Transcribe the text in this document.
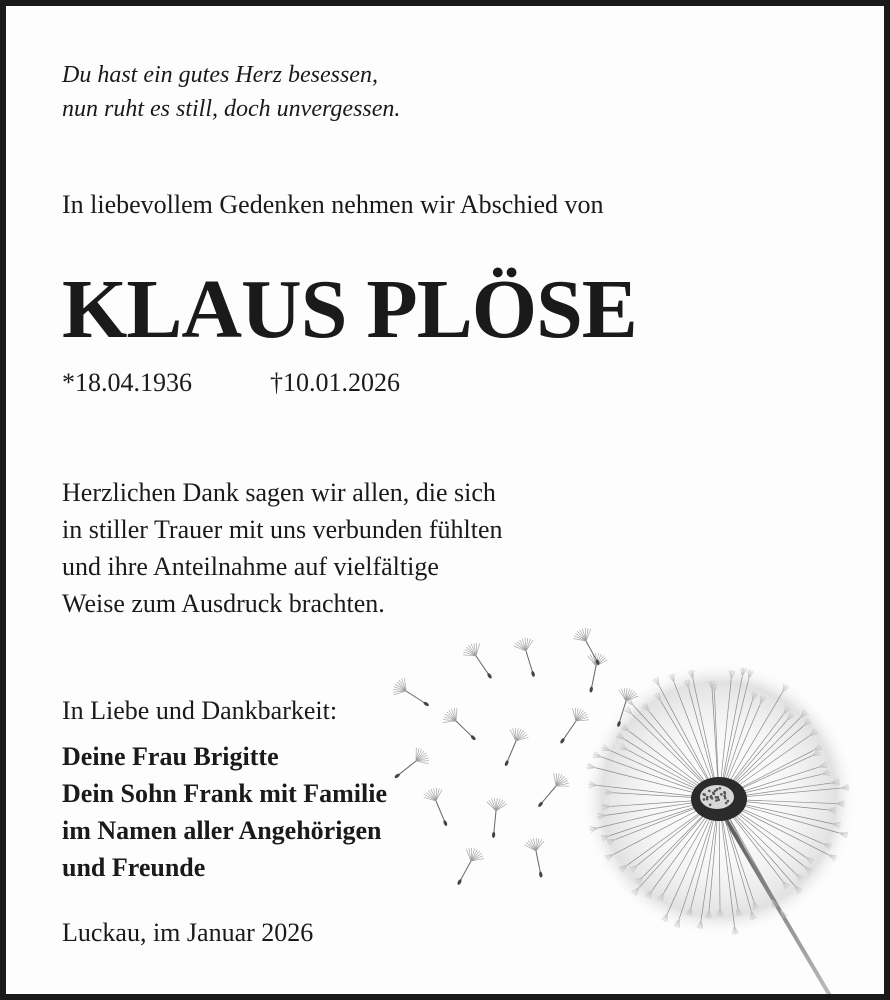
Du hast ein gutes Herz besessen,
nun ruht es still, doch unvergessen.
In liebevollem Gedenken nehmen wir Abschied von
KLAUS PLÖSE
*18.04.1936	†10.01.2026
Herzlichen Dank sagen wir allen, die sich
in stiller Trauer mit uns verbunden fühlten
und ihre Anteilnahme auf vielfältige
Weise zum Ausdruck brachten.
In Liebe und Dankbarkeit:
Deine Frau Brigitte
Dein Sohn Frank mit Familie
im Namen aller Angehörigen
und Freunde
Luckau, im Januar 2026
